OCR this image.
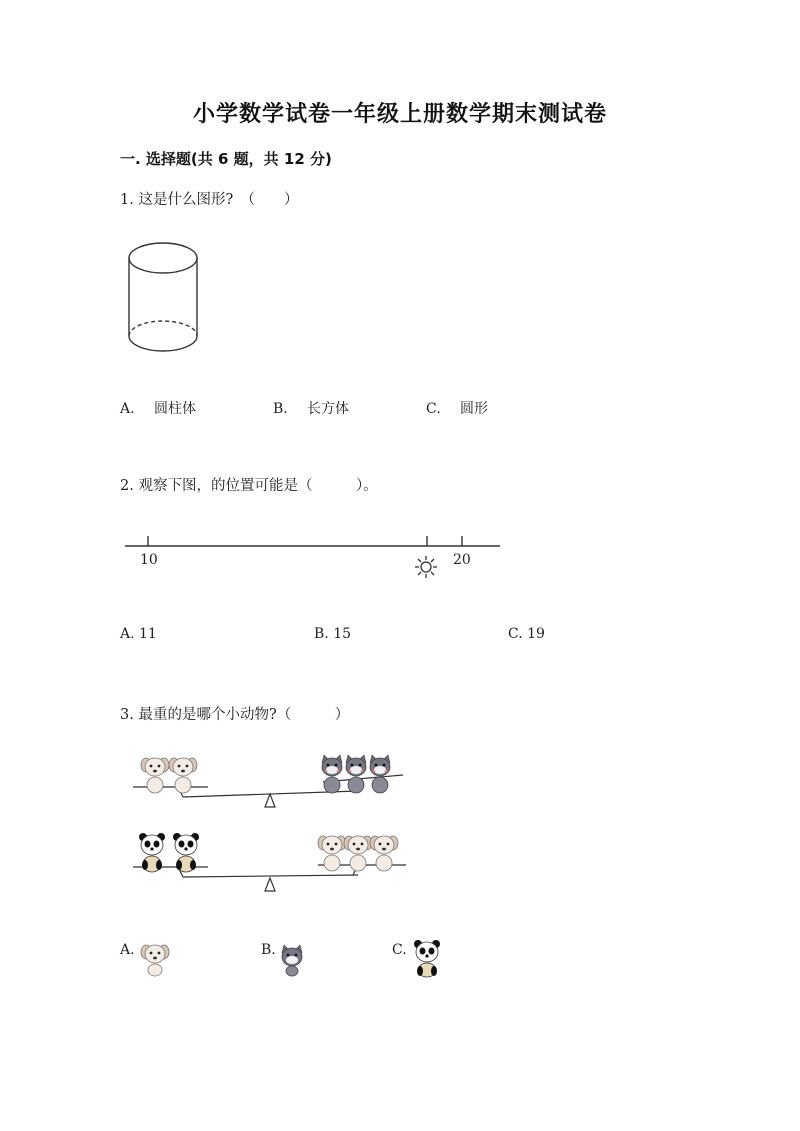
小学数学试卷一年级上册数学期末测试卷
一. 选择题(共 6 题，共 12 分)
1. 这是什么图形?　（　　）
A. 圆柱体	B. 长方体	C. 圆形
2. 观察下图，的位置可能是（　　　）。
10	20
A. 11	B. 15	C. 19
3. 最重的是哪个小动物?（　　　）
A.	B.	C.
